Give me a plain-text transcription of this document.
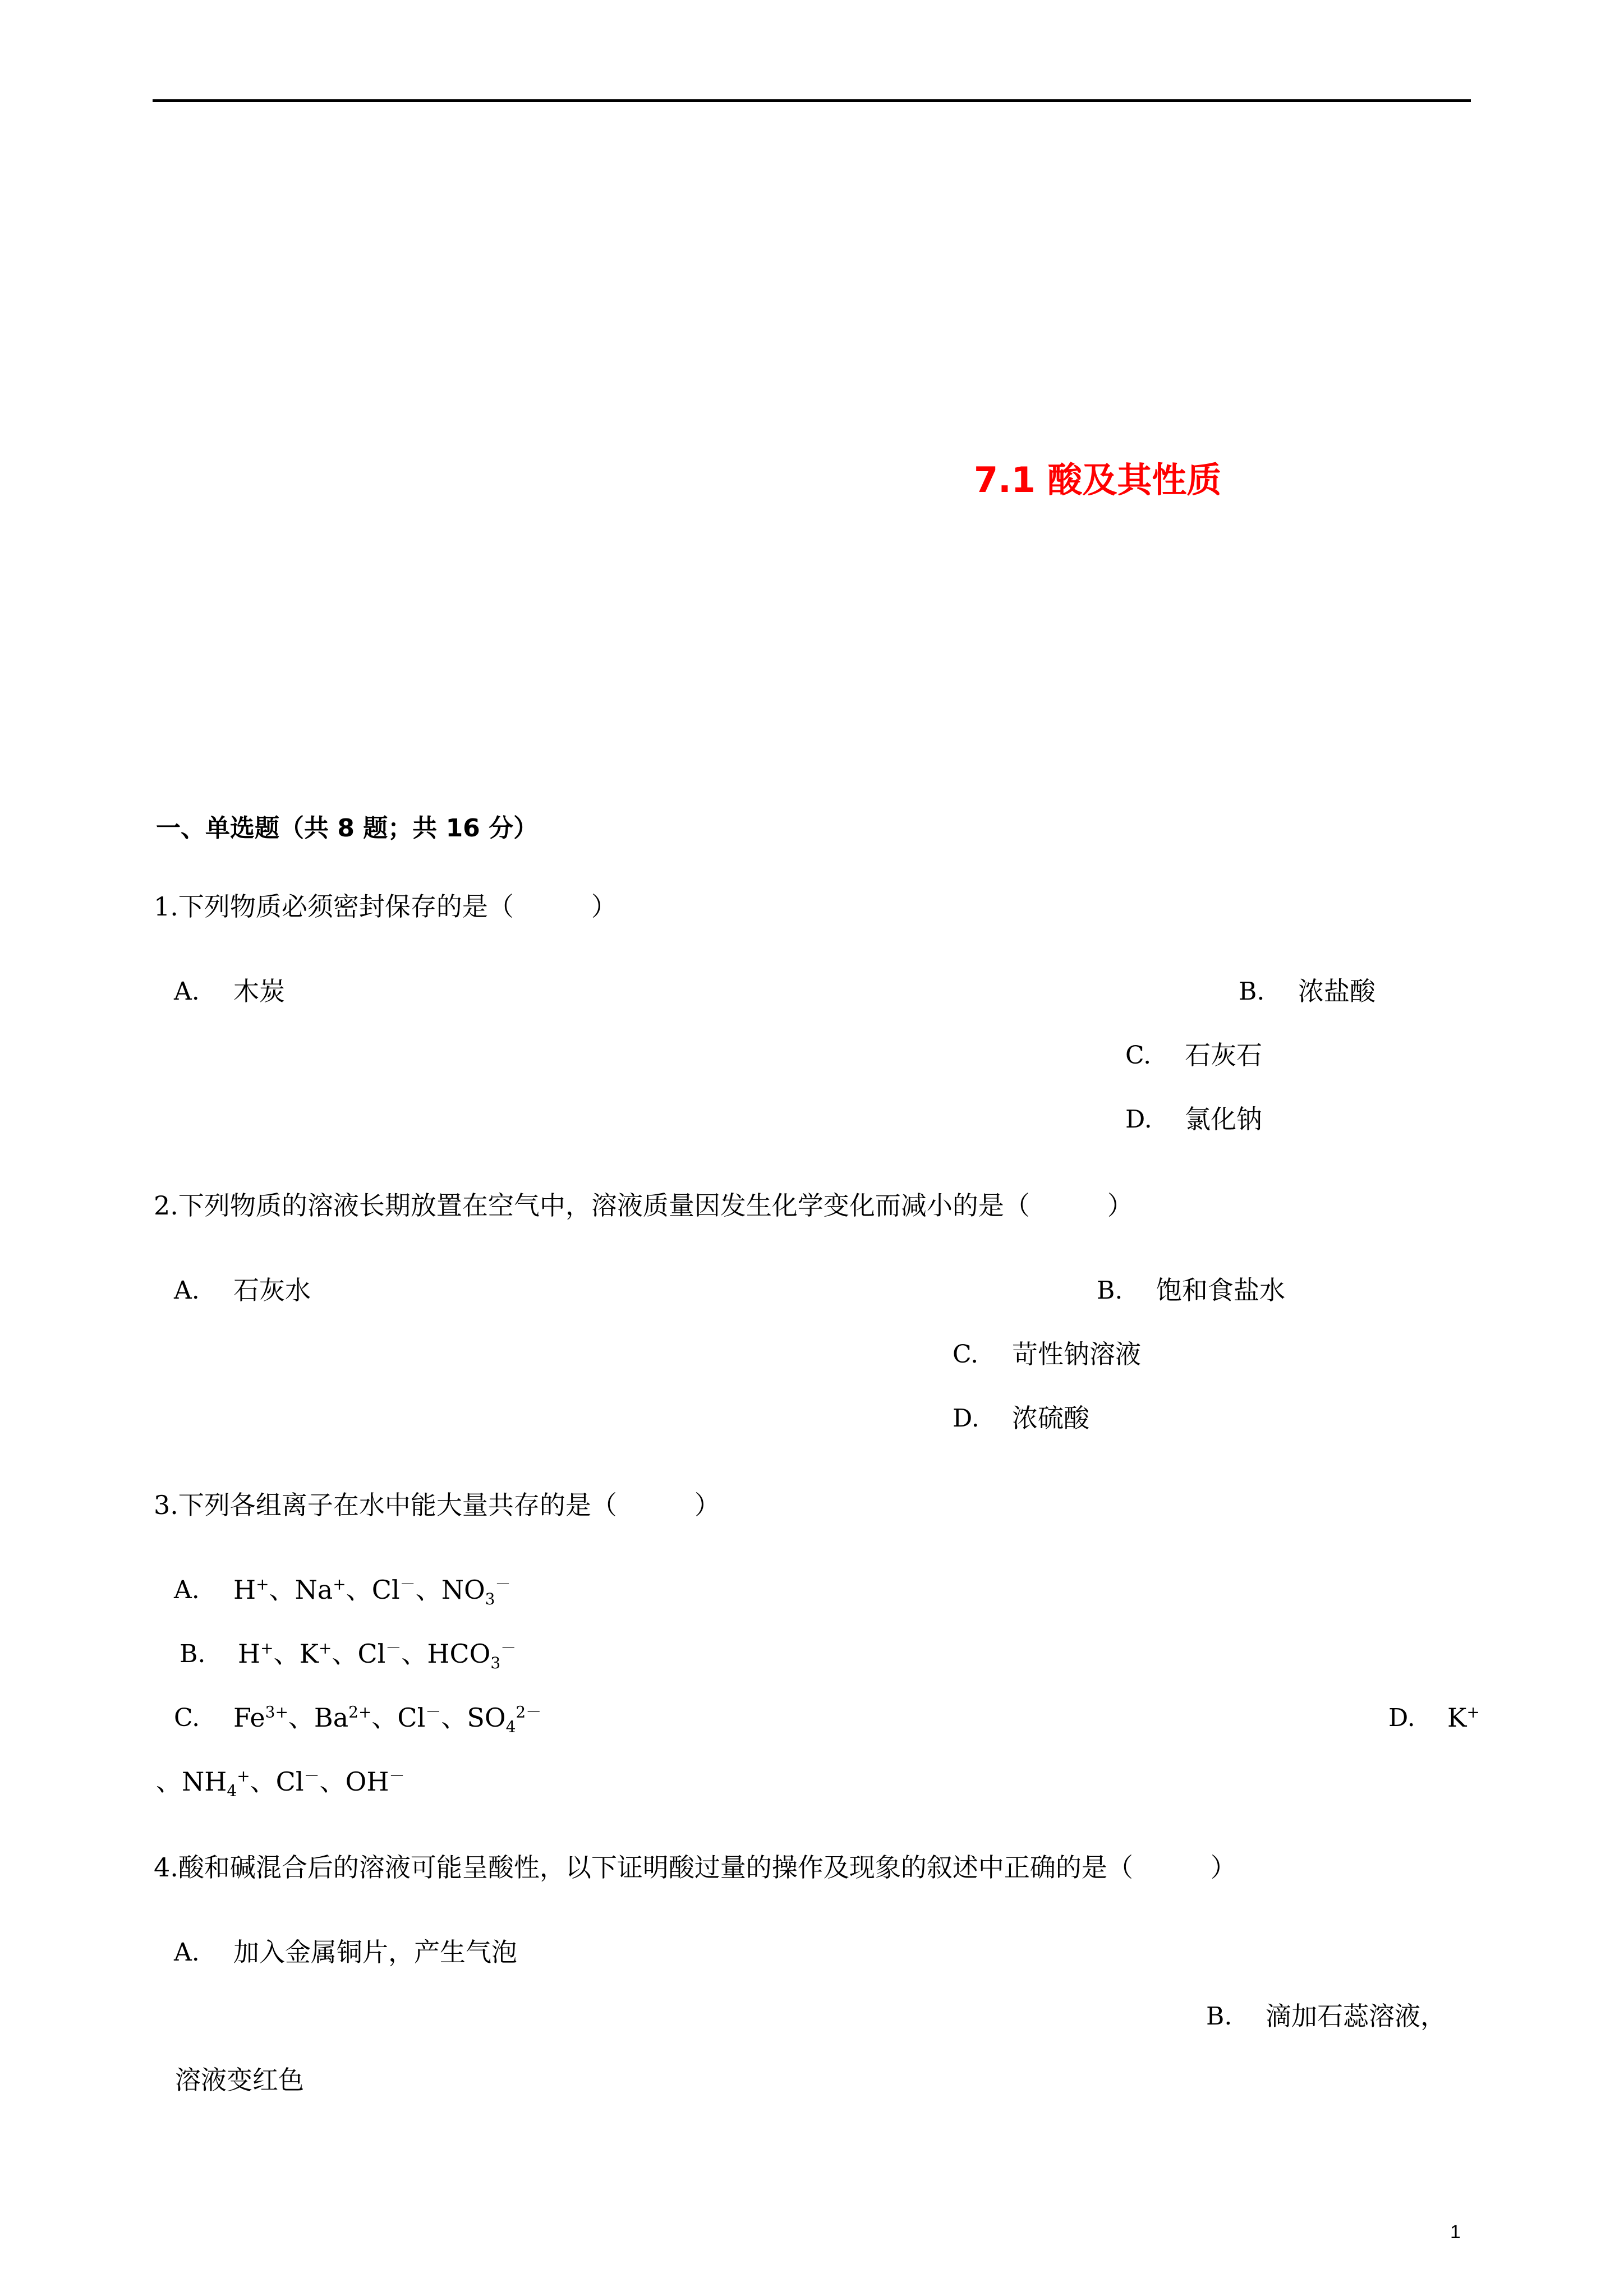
7.1 酸及其性质
一、单选题（共 8 题；共 16 分）
1.下列物质必须密封保存的是（　　　）
A. 木炭	B. 浓盐酸
C. 石灰石
D. 氯化钠
2.下列物质的溶液长期放置在空气中，溶液质量因发生化学变化而减小的是（　　　）
A. 石灰水	B. 饱和食盐水
C. 苛性钠溶液
D. 浓硫酸
3.下列各组离子在水中能大量共存的是（　　　）
A. H+、Na+、Cl－、$NO_3^-$
B. H+、K+、Cl－、$HCO_3^-$
C. $Fe^{3+}$、$Ba^{2+}$、Cl－、$SO_4^{2-}$	D. K+
、$NH_4^+$、Cl－、OH－
4.酸和碱混合后的溶液可能呈酸性，以下证明酸过量的操作及现象的叙述中正确的是（　　　）
A. 加入金属铜片，产生气泡
B. 滴加石蕊溶液，
溶液变红色
1
